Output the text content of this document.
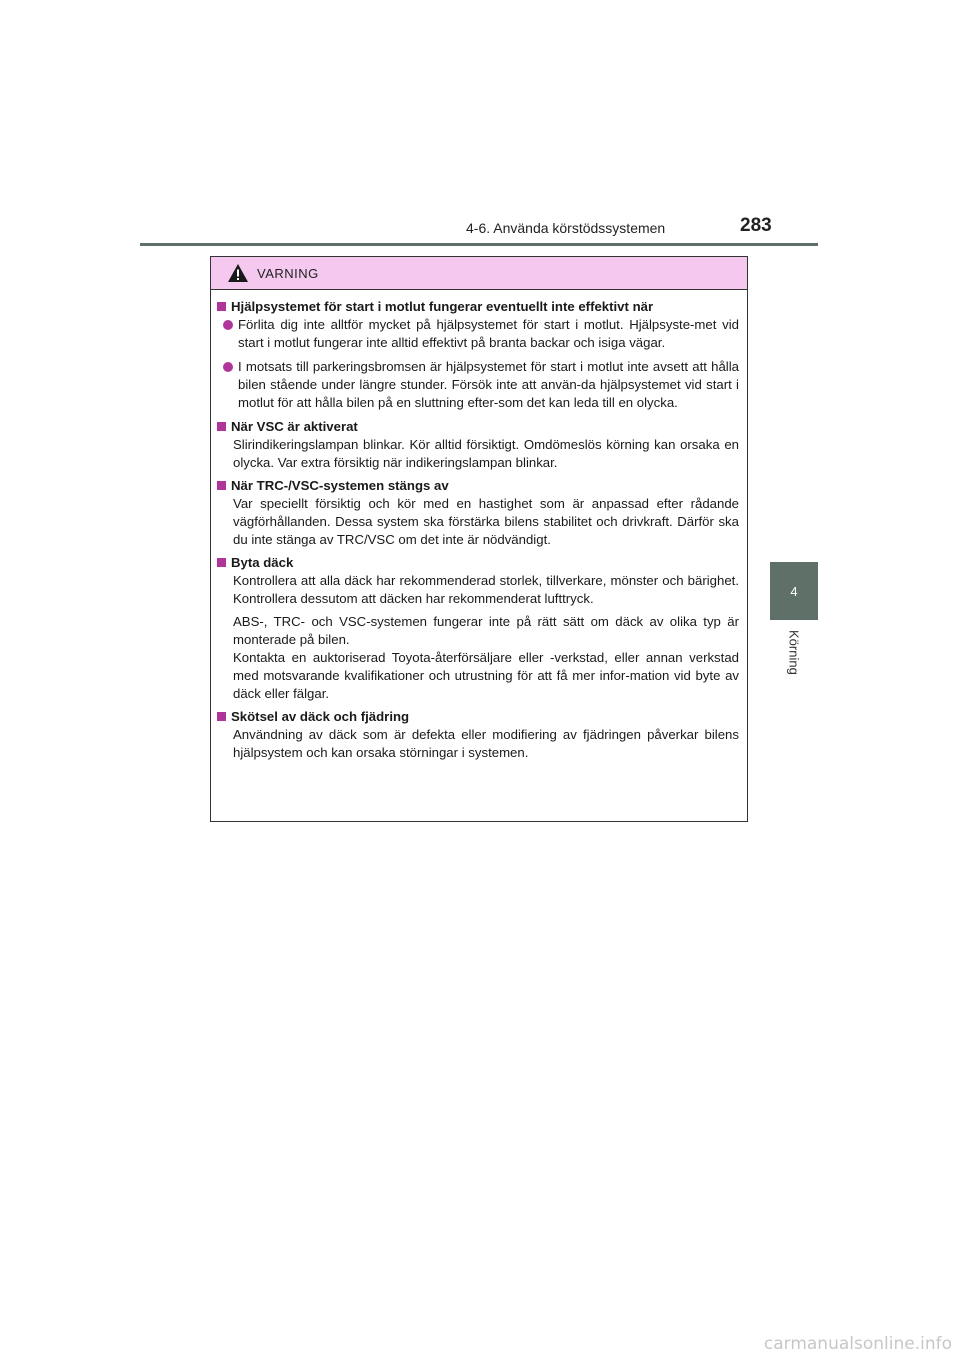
4-6. Använda körstödssystemen	283
4
Körning
VARNING
Hjälpsystemet för start i motlut fungerar eventuellt inte effektivt när
Förlita dig inte alltför mycket på hjälpsystemet för start i motlut. Hjälpsyste-met vid start i motlut fungerar inte alltid effektivt på branta backar och isiga vägar.
I motsats till parkeringsbromsen är hjälpsystemet för start i motlut inte avsett att hålla bilen stående under längre stunder. Försök inte att använ-da hjälpsystemet vid start i motlut för att hålla bilen på en sluttning efter-som det kan leda till en olycka.
När VSC är aktiverat

Slirindikeringslampan blinkar. Kör alltid försiktigt. Omdömeslös körning kan orsaka en olycka. Var extra försiktig när indikeringslampan blinkar.

När TRC-/VSC-systemen stängs av

Var speciellt försiktig och kör med en hastighet som är anpassad efter rådande vägförhållanden. Dessa system ska förstärka bilens stabilitet och drivkraft. Därför ska du inte stänga av TRC/VSC om det inte är nödvändigt.

Byta däck

Kontrollera att alla däck har rekommenderad storlek, tillverkare, mönster och bärighet. Kontrollera dessutom att däcken har rekommenderat lufttryck.

ABS-, TRC- och VSC-systemen fungerar inte på rätt sätt om däck av olika typ är monterade på bilen.

Kontakta en auktoriserad Toyota-återförsäljare eller -verkstad, eller annan verkstad med motsvarande kvalifikationer och utrustning för att få mer infor-mation vid byte av däck eller fälgar.

Skötsel av däck och fjädring

Användning av däck som är defekta eller modifiering av fjädringen påverkar bilens hjälpsystem och kan orsaka störningar i systemen.

carmanualsonline.info
